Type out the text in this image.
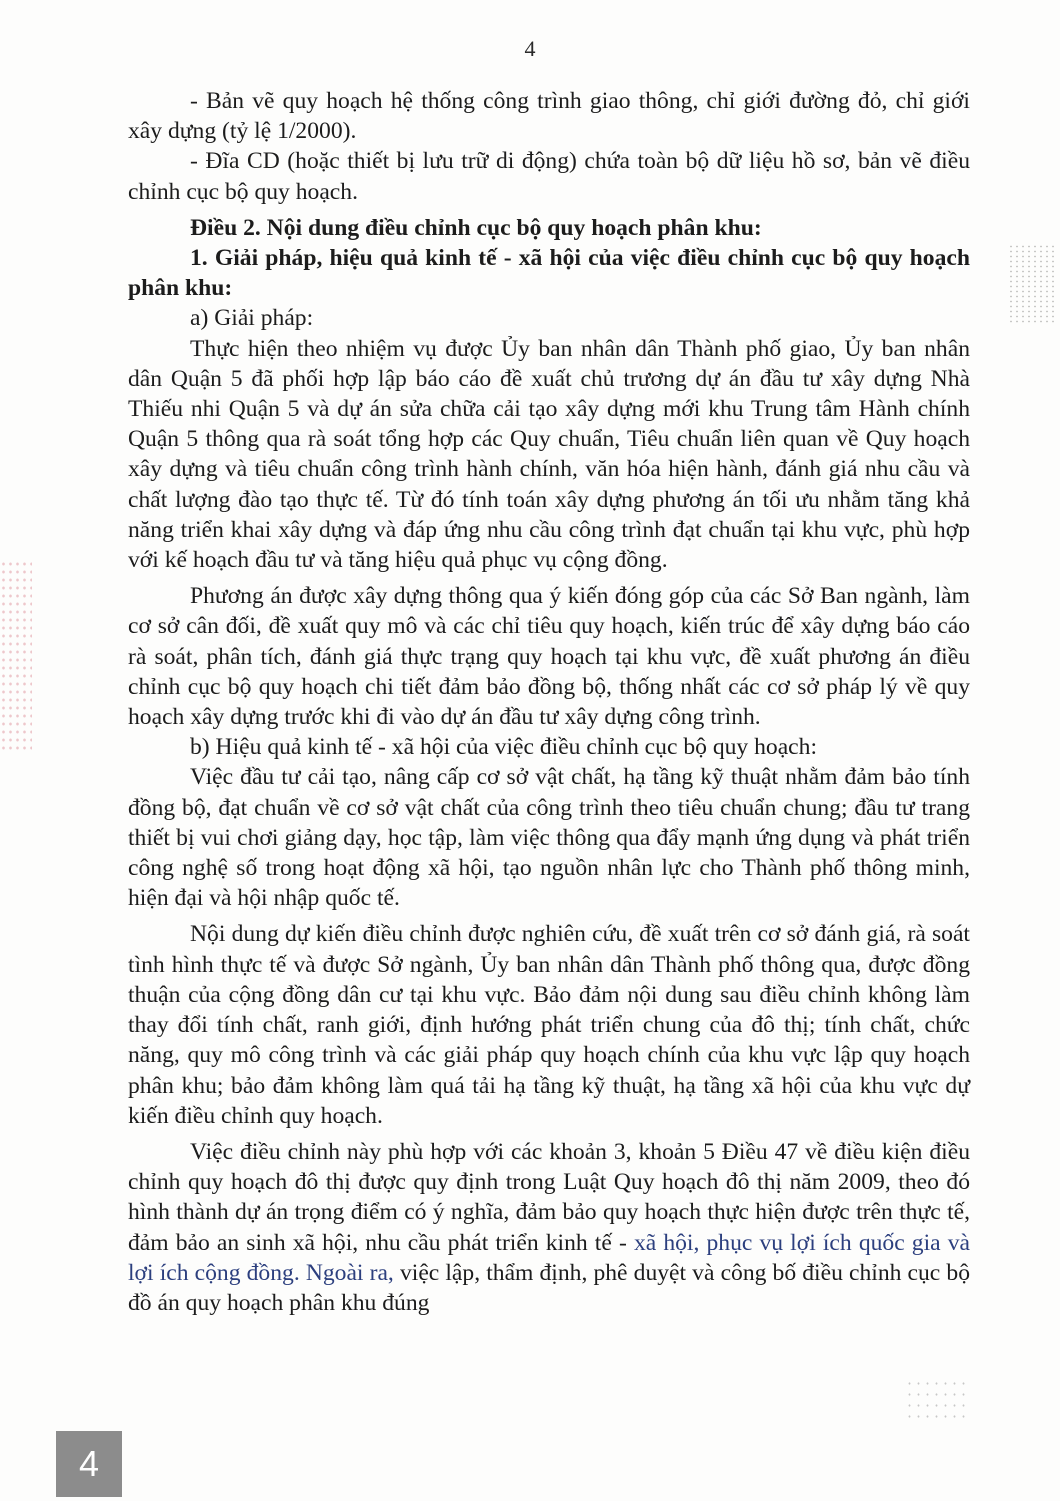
4

- Bản vẽ quy hoạch hệ thống công trình giao thông, chỉ giới đường đỏ, chỉ giới xây dựng (tỷ lệ 1/2000).

- Đĩa CD (hoặc thiết bị lưu trữ di động) chứa toàn bộ dữ liệu hồ sơ, bản vẽ điều chỉnh cục bộ quy hoạch.

Điều 2. Nội dung điều chỉnh cục bộ quy hoạch phân khu:

1. Giải pháp, hiệu quả kinh tế - xã hội của việc điều chỉnh cục bộ quy hoạch phân khu:

a) Giải pháp:

Thực hiện theo nhiệm vụ được Ủy ban nhân dân Thành phố giao, Ủy ban nhân dân Quận 5 đã phối hợp lập báo cáo đề xuất chủ trương dự án đầu tư xây dựng Nhà Thiếu nhi Quận 5 và dự án sửa chữa cải tạo xây dựng mới khu Trung tâm Hành chính Quận 5 thông qua rà soát tổng hợp các Quy chuẩn, Tiêu chuẩn liên quan về Quy hoạch xây dựng và tiêu chuẩn công trình hành chính, văn hóa hiện hành, đánh giá nhu cầu và chất lượng đào tạo thực tế. Từ đó tính toán xây dựng phương án tối ưu nhằm tăng khả năng triển khai xây dựng và đáp ứng nhu cầu công trình đạt chuẩn tại khu vực, phù hợp với kế hoạch đầu tư và tăng hiệu quả phục vụ cộng đồng.

Phương án được xây dựng thông qua ý kiến đóng góp của các Sở Ban ngành, làm cơ sở cân đối, đề xuất quy mô và các chỉ tiêu quy hoạch, kiến trúc để xây dựng báo cáo rà soát, phân tích, đánh giá thực trạng quy hoạch tại khu vực, đề xuất phương án điều chỉnh cục bộ quy hoạch chi tiết đảm bảo đồng bộ, thống nhất các cơ sở pháp lý về quy hoạch xây dựng trước khi đi vào dự án đầu tư xây dựng công trình.

b) Hiệu quả kinh tế - xã hội của việc điều chỉnh cục bộ quy hoạch:

Việc đầu tư cải tạo, nâng cấp cơ sở vật chất, hạ tầng kỹ thuật nhằm đảm bảo tính đồng bộ, đạt chuẩn về cơ sở vật chất của công trình theo tiêu chuẩn chung; đầu tư trang thiết bị vui chơi giảng dạy, học tập, làm việc thông qua đẩy mạnh ứng dụng và phát triển công nghệ số trong hoạt động xã hội, tạo nguồn nhân lực cho Thành phố thông minh, hiện đại và hội nhập quốc tế.

Nội dung dự kiến điều chỉnh được nghiên cứu, đề xuất trên cơ sở đánh giá, rà soát tình hình thực tế và được Sở ngành, Ủy ban nhân dân Thành phố thông qua, được đồng thuận của cộng đồng dân cư tại khu vực. Bảo đảm nội dung sau điều chỉnh không làm thay đổi tính chất, ranh giới, định hướng phát triển chung của đô thị; tính chất, chức năng, quy mô công trình và các giải pháp quy hoạch chính của khu vực lập quy hoạch phân khu; bảo đảm không làm quá tải hạ tầng kỹ thuật, hạ tầng xã hội của khu vực dự kiến điều chỉnh quy hoạch.

Việc điều chỉnh này phù hợp với các khoản 3, khoản 5 Điều 47 về điều kiện điều chỉnh quy hoạch đô thị được quy định trong Luật Quy hoạch đô thị năm 2009, theo đó hình thành dự án trọng điểm có ý nghĩa, đảm bảo quy hoạch thực hiện được trên thực tế, đảm bảo an sinh xã hội, nhu cầu phát triển kinh tế - xã hội, phục vụ lợi ích quốc gia và lợi ích cộng đồng. Ngoài ra, việc lập, thẩm định, phê duyệt và công bố điều chỉnh cục bộ đồ án quy hoạch phân khu đúng

4
